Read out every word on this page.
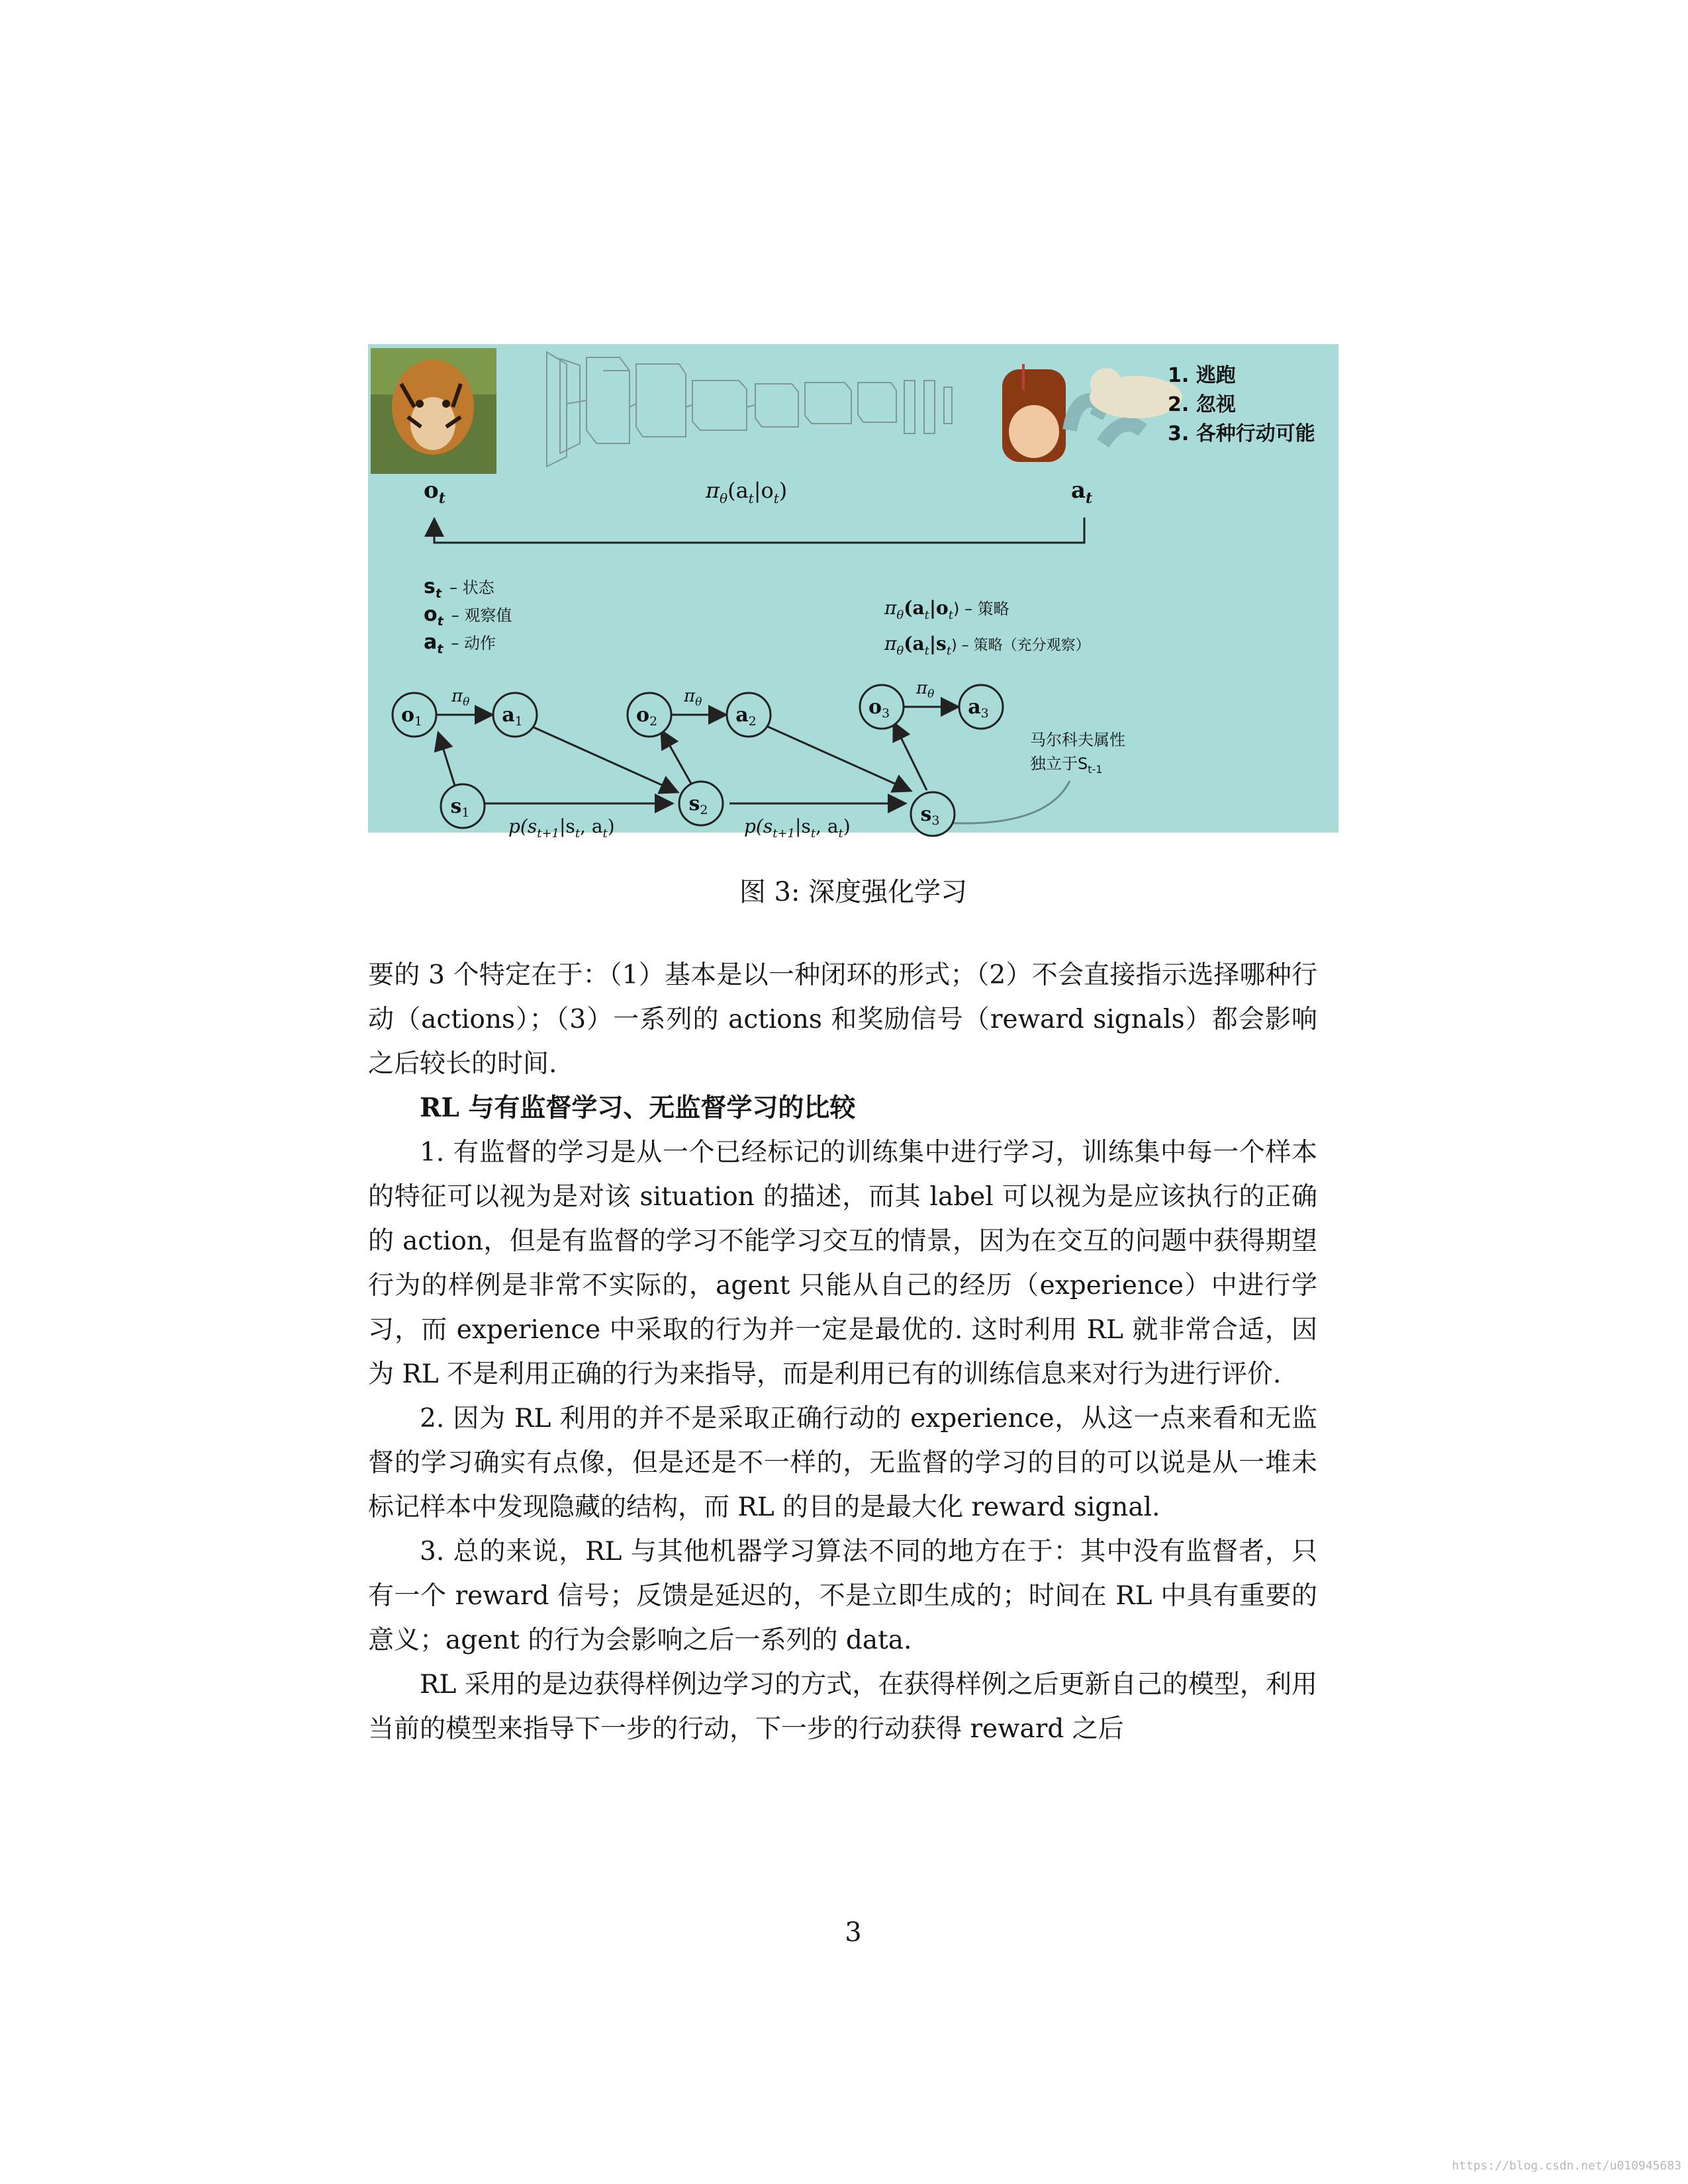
1. 逃跑
2. 忽视
3. 各种行动可能
$o_t$	$a_t$
$\pi_\theta(a_t|o_t)$
$s_t$ $^{- 状态}$
$o_t$ $^{- 观察值}$
$a_t$ $^{- 动作}$
$\pi_\theta(a_t|o_t)$ – 策略
$\pi_\theta(a_t|s_t^{) - 策略(充分观察)}$
$o_1$	$a_1$
$s_1$
$o_2$	$a_2$
$s_2$
$o_3$	$a_3$
$s_3$
$\pi_\theta$	$\pi_\theta$
$\pi_\theta$
$p(s_{t+1}|s_t$, $a_t$)	$p(s_{t+1}|s_t$, $a_t$)
马尔科夫属性
独立于$S_{t-1}$
图 3: 深度强化学习

要的 3 个特定在于：（1）基本是以一种闭环的形式；（2）不会直接指示选择哪种行动（actions）；（3）一系列的 actions 和奖励信号（reward signals）都会影响之后较长的时间.

RL 与有监督学习、无监督学习的比较

1. 有监督的学习是从一个已经标记的训练集中进行学习，训练集中每一个样本的特征可以视为是对该 situation 的描述，而其 label 可以视为是应该执行的正确的 action，但是有监督的学习不能学习交互的情景，因为在交互的问题中获得期望行为的样例是非常不实际的，agent 只能从自己的经历（experience）中进行学习，而 experience 中采取的行为并一定是最优的. 这时利用 RL 就非常合适，因为 RL 不是利用正确的行为来指导，而是利用已有的训练信息来对行为进行评价.

2. 因为 RL 利用的并不是采取正确行动的 experience，从这一点来看和无监督的学习确实有点像，但是还是不一样的，无监督的学习的目的可以说是从一堆未标记样本中发现隐藏的结构，而 RL 的目的是最大化 reward signal.

3. 总的来说，RL 与其他机器学习算法不同的地方在于：其中没有监督者，只有一个 reward 信号；反馈是延迟的，不是立即生成的；时间在 RL 中具有重要的意义；agent 的行为会影响之后一系列的 data.

RL 采用的是边获得样例边学习的方式，在获得样例之后更新自己的模型，利用当前的模型来指导下一步的行动，下一步的行动获得 reward 之后

3
https://blog.csdn.net/u010945683
